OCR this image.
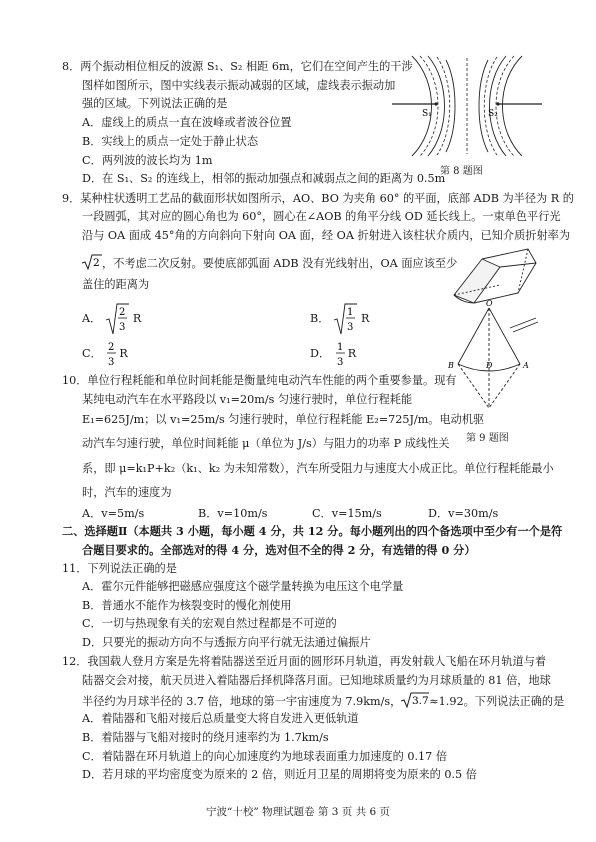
8．两个振动相位相反的波源 S₁、S₂ 相距 6m，它们在空间产生的干涉
图样如图所示，图中实线表示振动减弱的区域，虚线表示振动加
强的区域。下列说法正确的是
A．虚线上的质点一直在波峰或者波谷位置
B．实线上的质点一定处于静止状态
C．两列波的波长均为 1m
D．在 S₁、S₂ 的连线上，相邻的振动加强点和减弱点之间的距离为 0.5m
S₁	S₂
第 8 题图
9．某种柱状透明工艺品的截面形状如图所示，AO、BO 为夹角 60° 的平面，底部 ADB 为半径为 R 的
一段圆弧，其对应的圆心角也为 60°，圆心在∠AOB 的角平分线 OD 延长线上。一束单色平行光
沿与 OA 面成 45°角的方向斜向下射向 OA 面，经 OA 折射进入该柱状介质内，已知介质折射率为
2 ，不考虑二次反射。要使底部弧面 ADB 没有光线射出，OA 面应该至少
盖住的距离为
A． 2
3
R	B． 1
3
R
C． 2
3
R	D． 1
3
R
O
B	D	A
第 9 题图
10．单位行程耗能和单位时间耗能是衡量纯电动汽车性能的两个重要参量。现有
某纯电动汽车在水平路段以 v₁=20m/s 匀速行驶时，单位行程耗能
E₁=625J/m；以 v₁=25m/s 匀速行驶时，单位行程耗能 E₂=725J/m。电动机驱
动汽车匀速行驶，单位时间耗能 μ（单位为 J/s）与阻力的功率 P 成线性关
系，即 μ=k₁P+k₂（k₁、k₂ 为未知常数），汽车所受阻力与速度大小成正比。单位行程耗能最小
时，汽车的速度为
A．v=5m/s	B．v=10m/s	C．v=15m/s	D．v=30m/s
二、选择题Ⅱ（本题共 3 小题，每小题 4 分，共 12 分。每小题列出的四个备选项中至少有一个是符
合题目要求的。全部选对的得 4 分，选对但不全的得 2 分，有选错的得 0 分）
11．下列说法正确的是
A．霍尔元件能够把磁感应强度这个磁学量转换为电压这个电学量
B．普通水不能作为核裂变时的慢化剂使用
C．一切与热现象有关的宏观自然过程都是不可逆的
D．只要光的振动方向不与透振方向平行就无法通过偏振片
12．我国载人登月方案是先将着陆器送至近月面的圆形环月轨道，再发射载人飞船在环月轨道与着
陆器交会对接，航天员进入着陆器后择机降落月面。已知地球质量约为月球质量的 81 倍，地球
半径约为月球半径的 3.7 倍，地球的第一宇宙速度为 7.9km/s， 3.7 ≈1.92。下列说法正确的是
A．着陆器和飞船对接后总质量变大将自发进入更低轨道
B．着陆器与飞船对接时的绕月速率约为 1.7km/s
C．着陆器在环月轨道上的向心加速度约为地球表面重力加速度的 0.17 倍
D．若月球的平均密度变为原来的 2 倍，则近月卫星的周期将变为原来的 0.5 倍
宁波“十校” 物理试题卷 第 3 页 共 6 页
